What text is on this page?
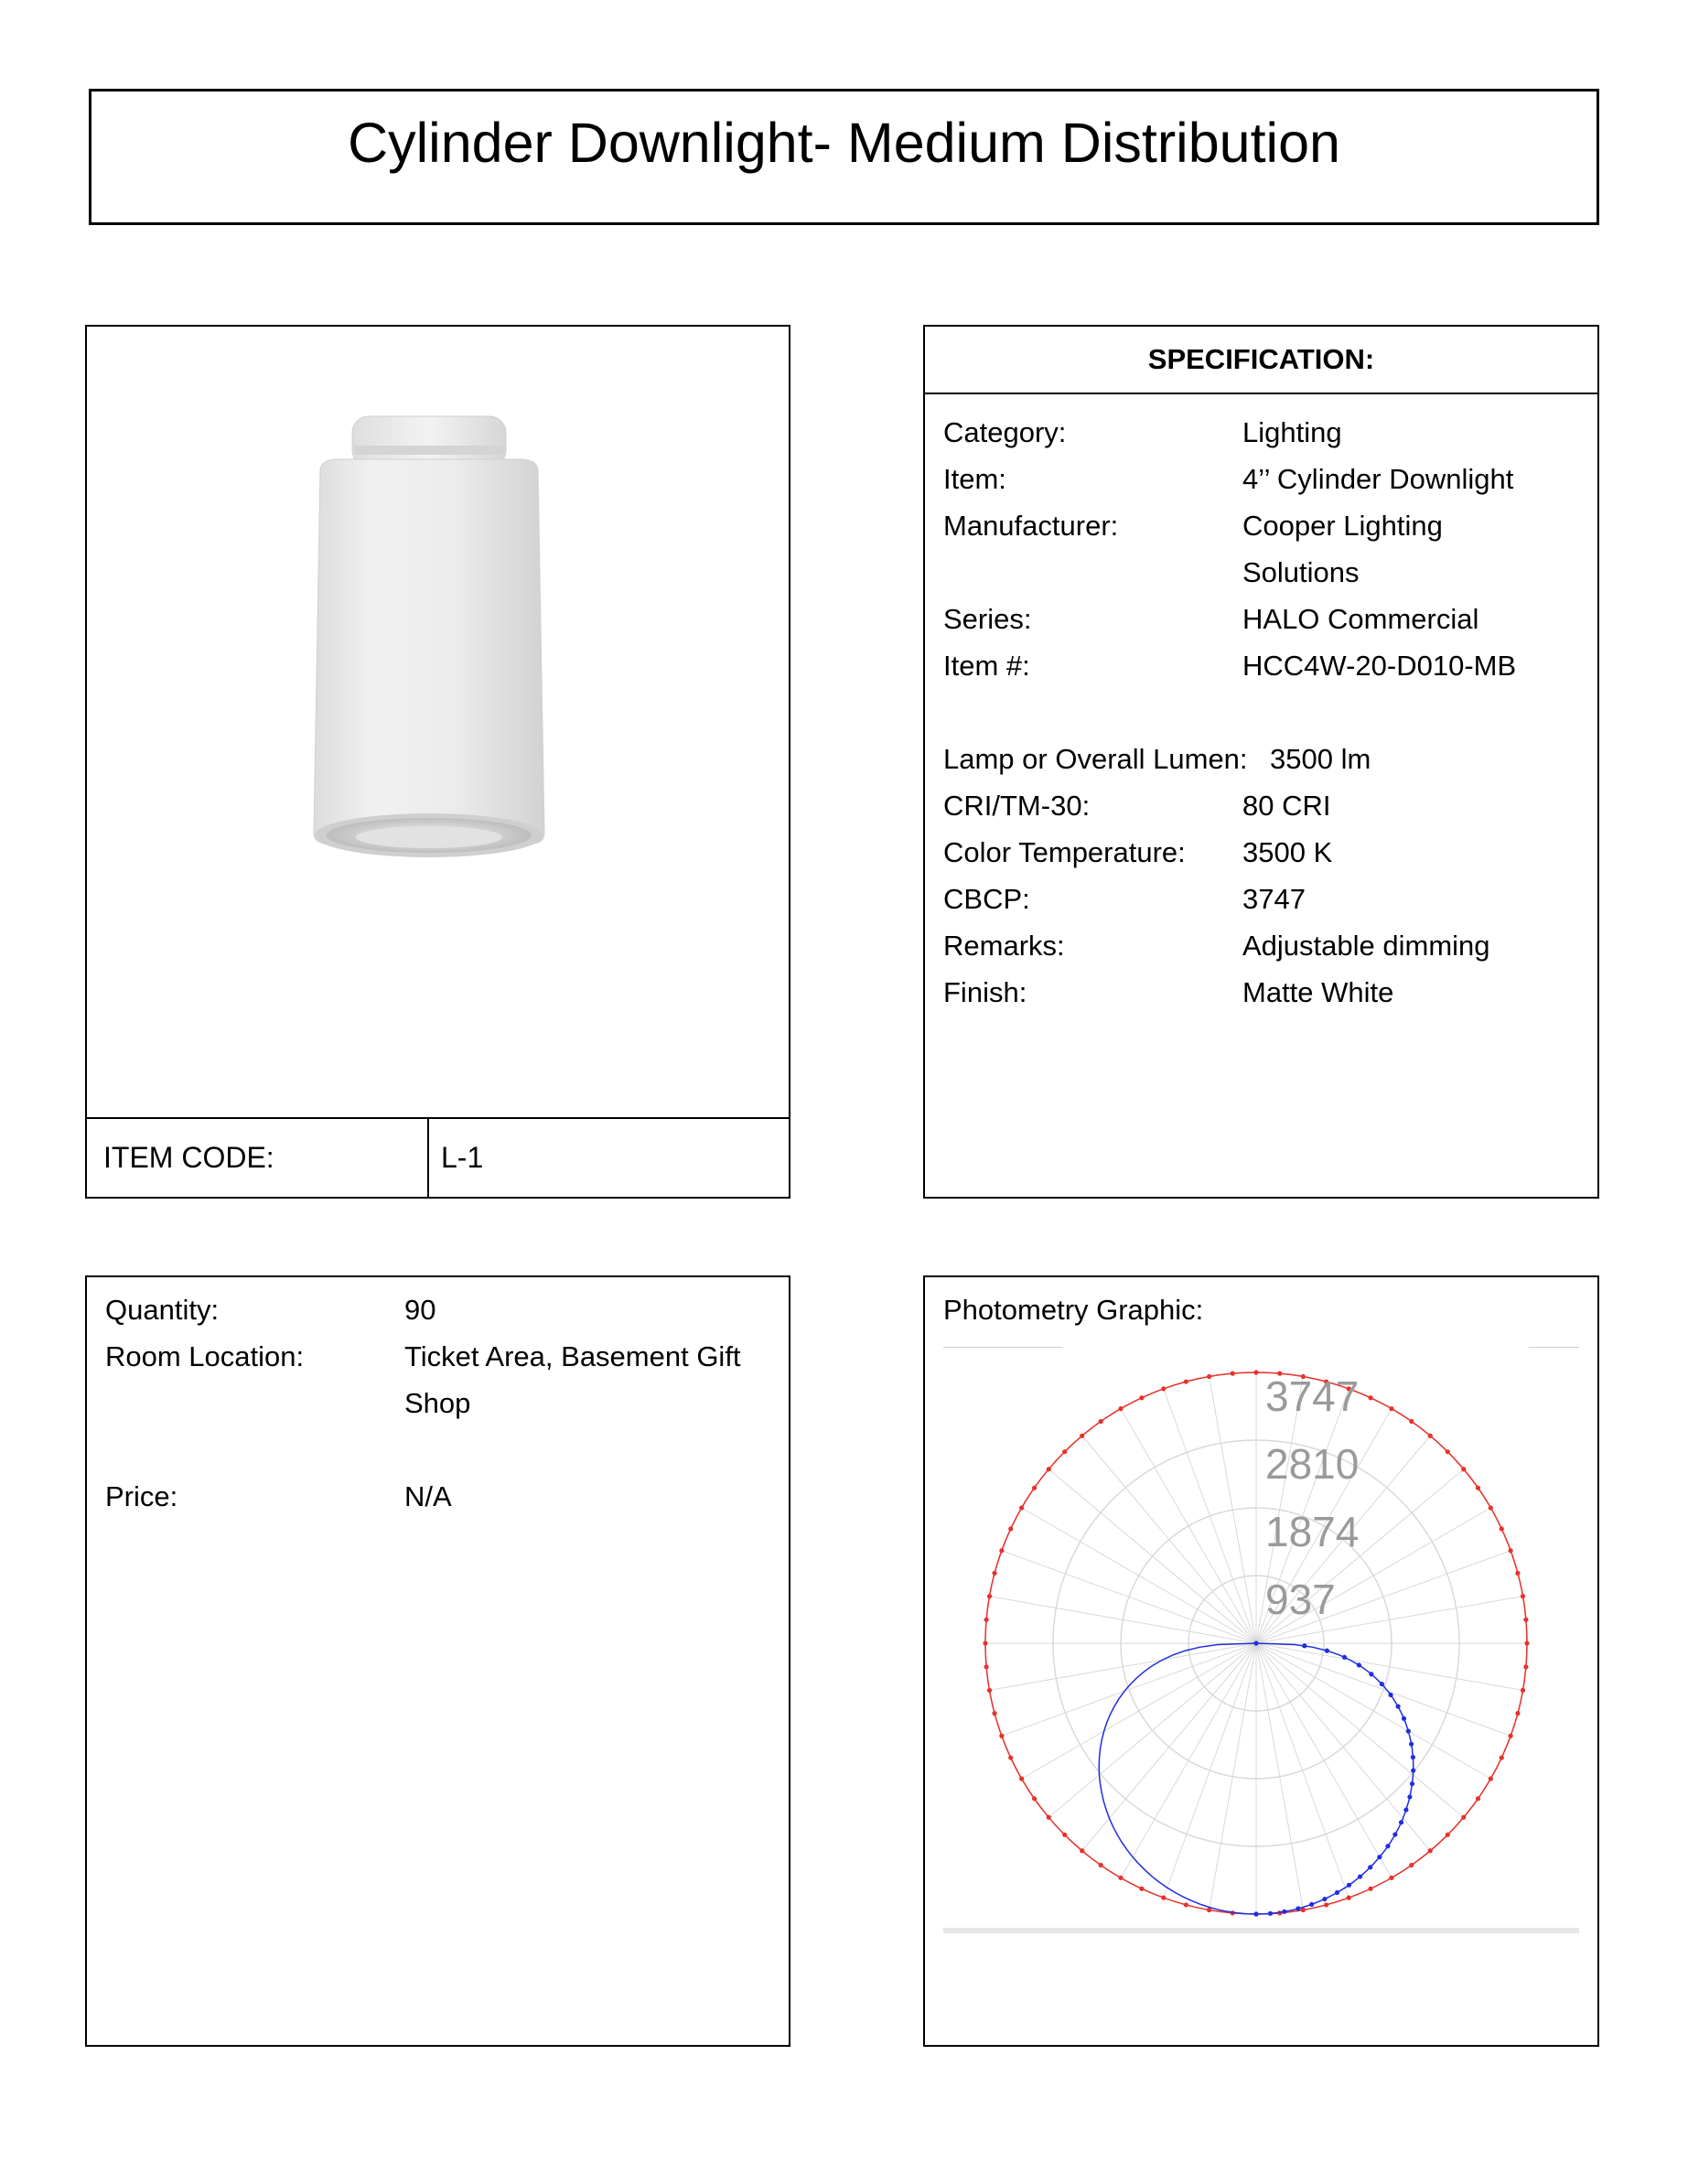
Cylinder Downlight- Medium Distribution
ITEM CODE:	L-1
SPECIFICATION:
Category:	Lighting
Item:	4’’ Cylinder Downlight
Manufacturer:	Cooper Lighting
Solutions
Series:	HALO Commercial
Item #:	HCC4W-20-D010-MB
Lamp or Overall Lumen: 3500 lm
CRI/TM-30:	80 CRI
Color Temperature: 3500 K
CBCP:	3747
Remarks:	Adjustable dimming
Finish:	Matte White
Quantity:	90
Room Location:	Ticket Area, Basement Gift
Shop
Price:	N/A
Photometry Graphic:
3747
2810
1874
937
